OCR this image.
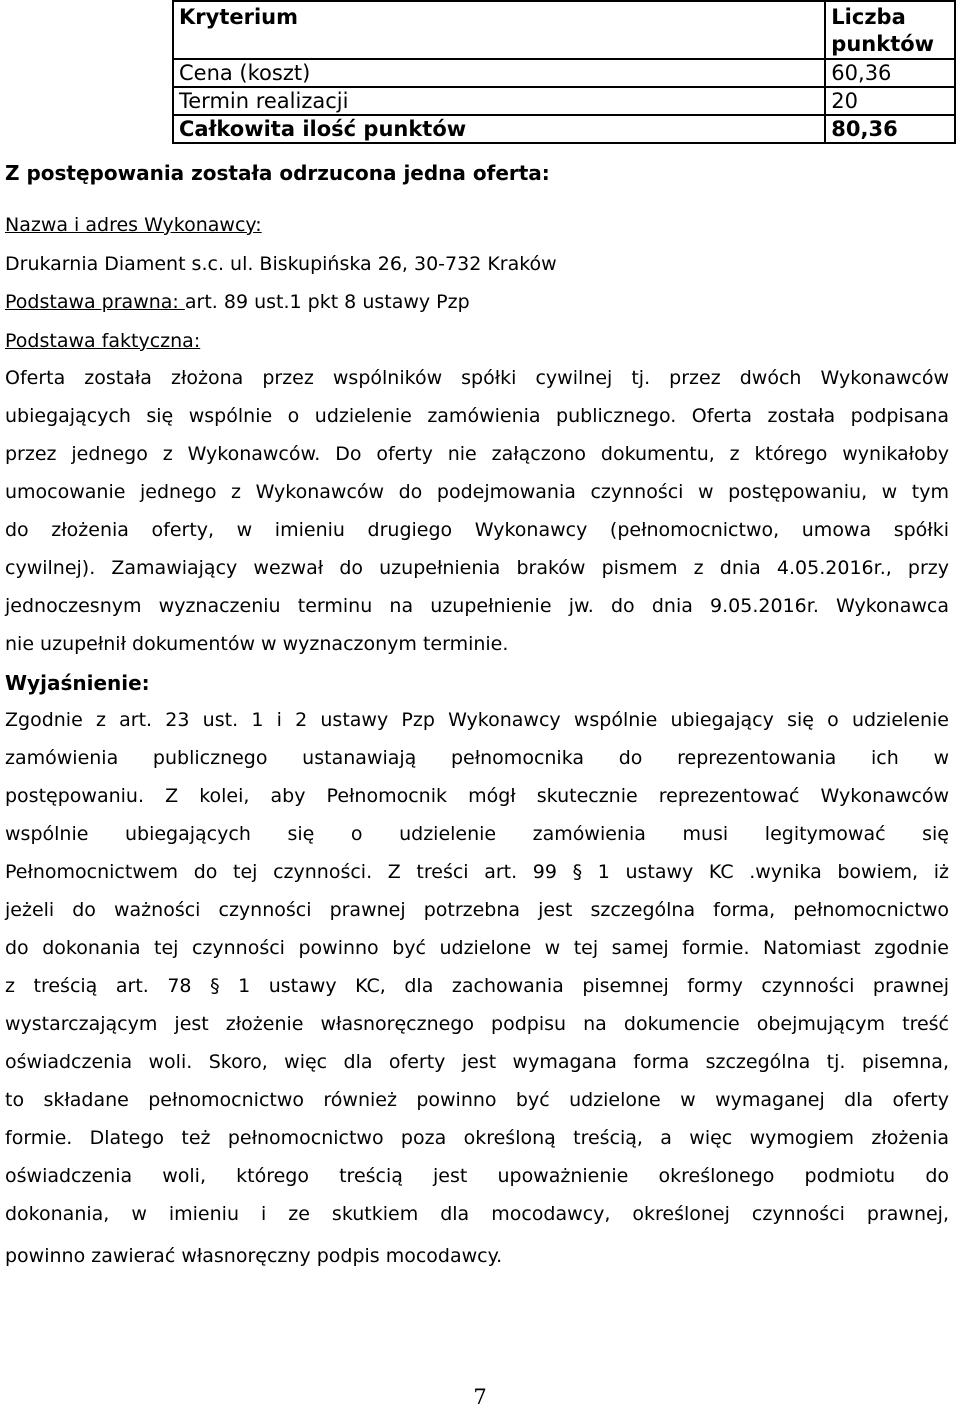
Kryterium	Liczba punktów
Cena (koszt)	60,36
Termin realizacji	20
Całkowita ilość punktów	80,36
Z postępowania została odrzucona jedna oferta:
Nazwa i adres Wykonawcy:
Drukarnia Diament s.c. ul. Biskupińska 26, 30-732 Kraków
Podstawa prawna: art. 89 ust.1 pkt 8 ustawy Pzp
Podstawa faktyczna:
Oferta została złożona przez wspólników spółki cywilnej tj. przez dwóch Wykonawców
ubiegających się wspólnie o udzielenie zamówienia publicznego. Oferta została podpisana
przez jednego z Wykonawców. Do oferty nie załączono dokumentu, z którego wynikałoby
umocowanie jednego z Wykonawców do podejmowania czynności w postępowaniu, w tym
do złożenia oferty, w imieniu drugiego Wykonawcy (pełnomocnictwo, umowa spółki
cywilnej). Zamawiający wezwał do uzupełnienia braków pismem z dnia 4.05.2016r., przy
jednoczesnym wyznaczeniu terminu na uzupełnienie jw. do dnia 9.05.2016r. Wykonawca
nie uzupełnił dokumentów w wyznaczonym terminie.
Wyjaśnienie:
Zgodnie z art. 23 ust. 1 i 2 ustawy Pzp Wykonawcy wspólnie ubiegający się o udzielenie
zamówienia publicznego ustanawiają pełnomocnika do reprezentowania ich w
postępowaniu. Z kolei, aby Pełnomocnik mógł skutecznie reprezentować Wykonawców
wspólnie ubiegających się o udzielenie zamówienia musi legitymować się
Pełnomocnictwem do tej czynności. Z treści art. 99 § 1 ustawy KC .wynika bowiem, iż
jeżeli do ważności czynności prawnej potrzebna jest szczególna forma, pełnomocnictwo
do dokonania tej czynności powinno być udzielone w tej samej formie. Natomiast zgodnie
z treścią art. 78 § 1 ustawy KC, dla zachowania pisemnej formy czynności prawnej
wystarczającym jest złożenie własnoręcznego podpisu na dokumencie obejmującym treść
oświadczenia woli. Skoro, więc dla oferty jest wymagana forma szczególna tj. pisemna,
to składane pełnomocnictwo również powinno być udzielone w wymaganej dla oferty
formie. Dlatego też pełnomocnictwo poza określoną treścią, a więc wymogiem złożenia
oświadczenia woli, którego treścią jest upoważnienie określonego podmiotu do
dokonania, w imieniu i ze skutkiem dla mocodawcy, określonej czynności prawnej,
powinno zawierać własnoręczny podpis mocodawcy.
7
